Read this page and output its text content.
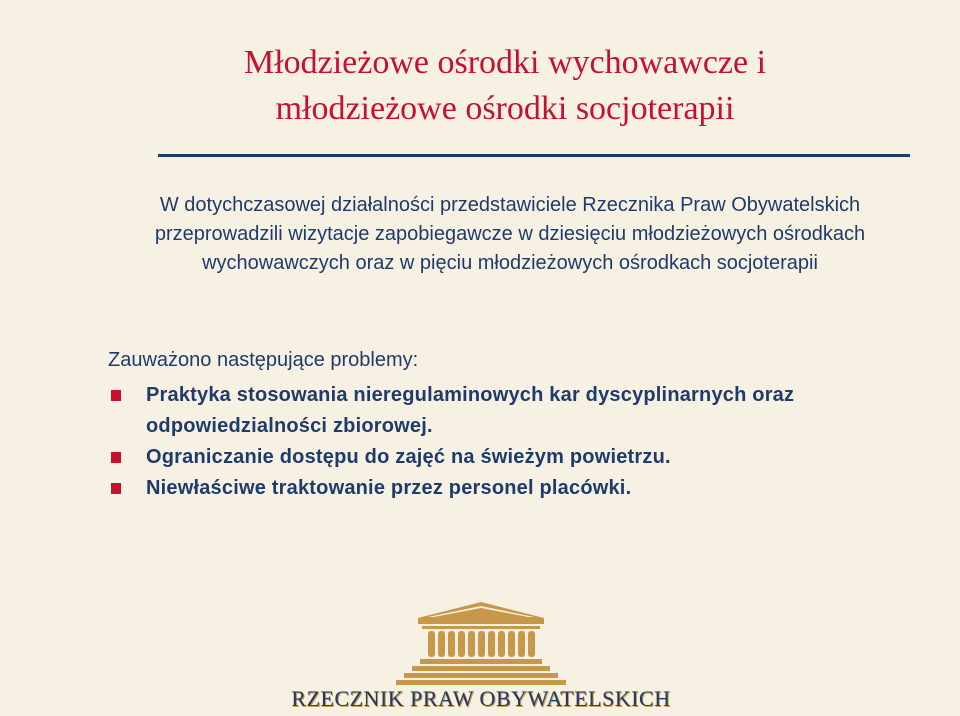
Młodzieżowe ośrodki wychowawcze i młodzieżowe ośrodki socjoterapii

W dotychczasowej działalności przedstawiciele Rzecznika Praw Obywatelskich przeprowadzili wizytacje zapobiegawcze w dziesięciu młodzieżowych ośrodkach wychowawczych oraz w pięciu młodzieżowych ośrodkach socjoterapii

Zauważono następujące problemy:
Praktyka stosowania nieregulaminowych kar dyscyplinarnych oraz odpowiedzialności zbiorowej.
Ograniczanie dostępu do zajęć na świeżym powietrzu.
Niewłaściwe traktowanie przez personel placówki.
RZECZNIK PRAW OBYWATELSKICH
